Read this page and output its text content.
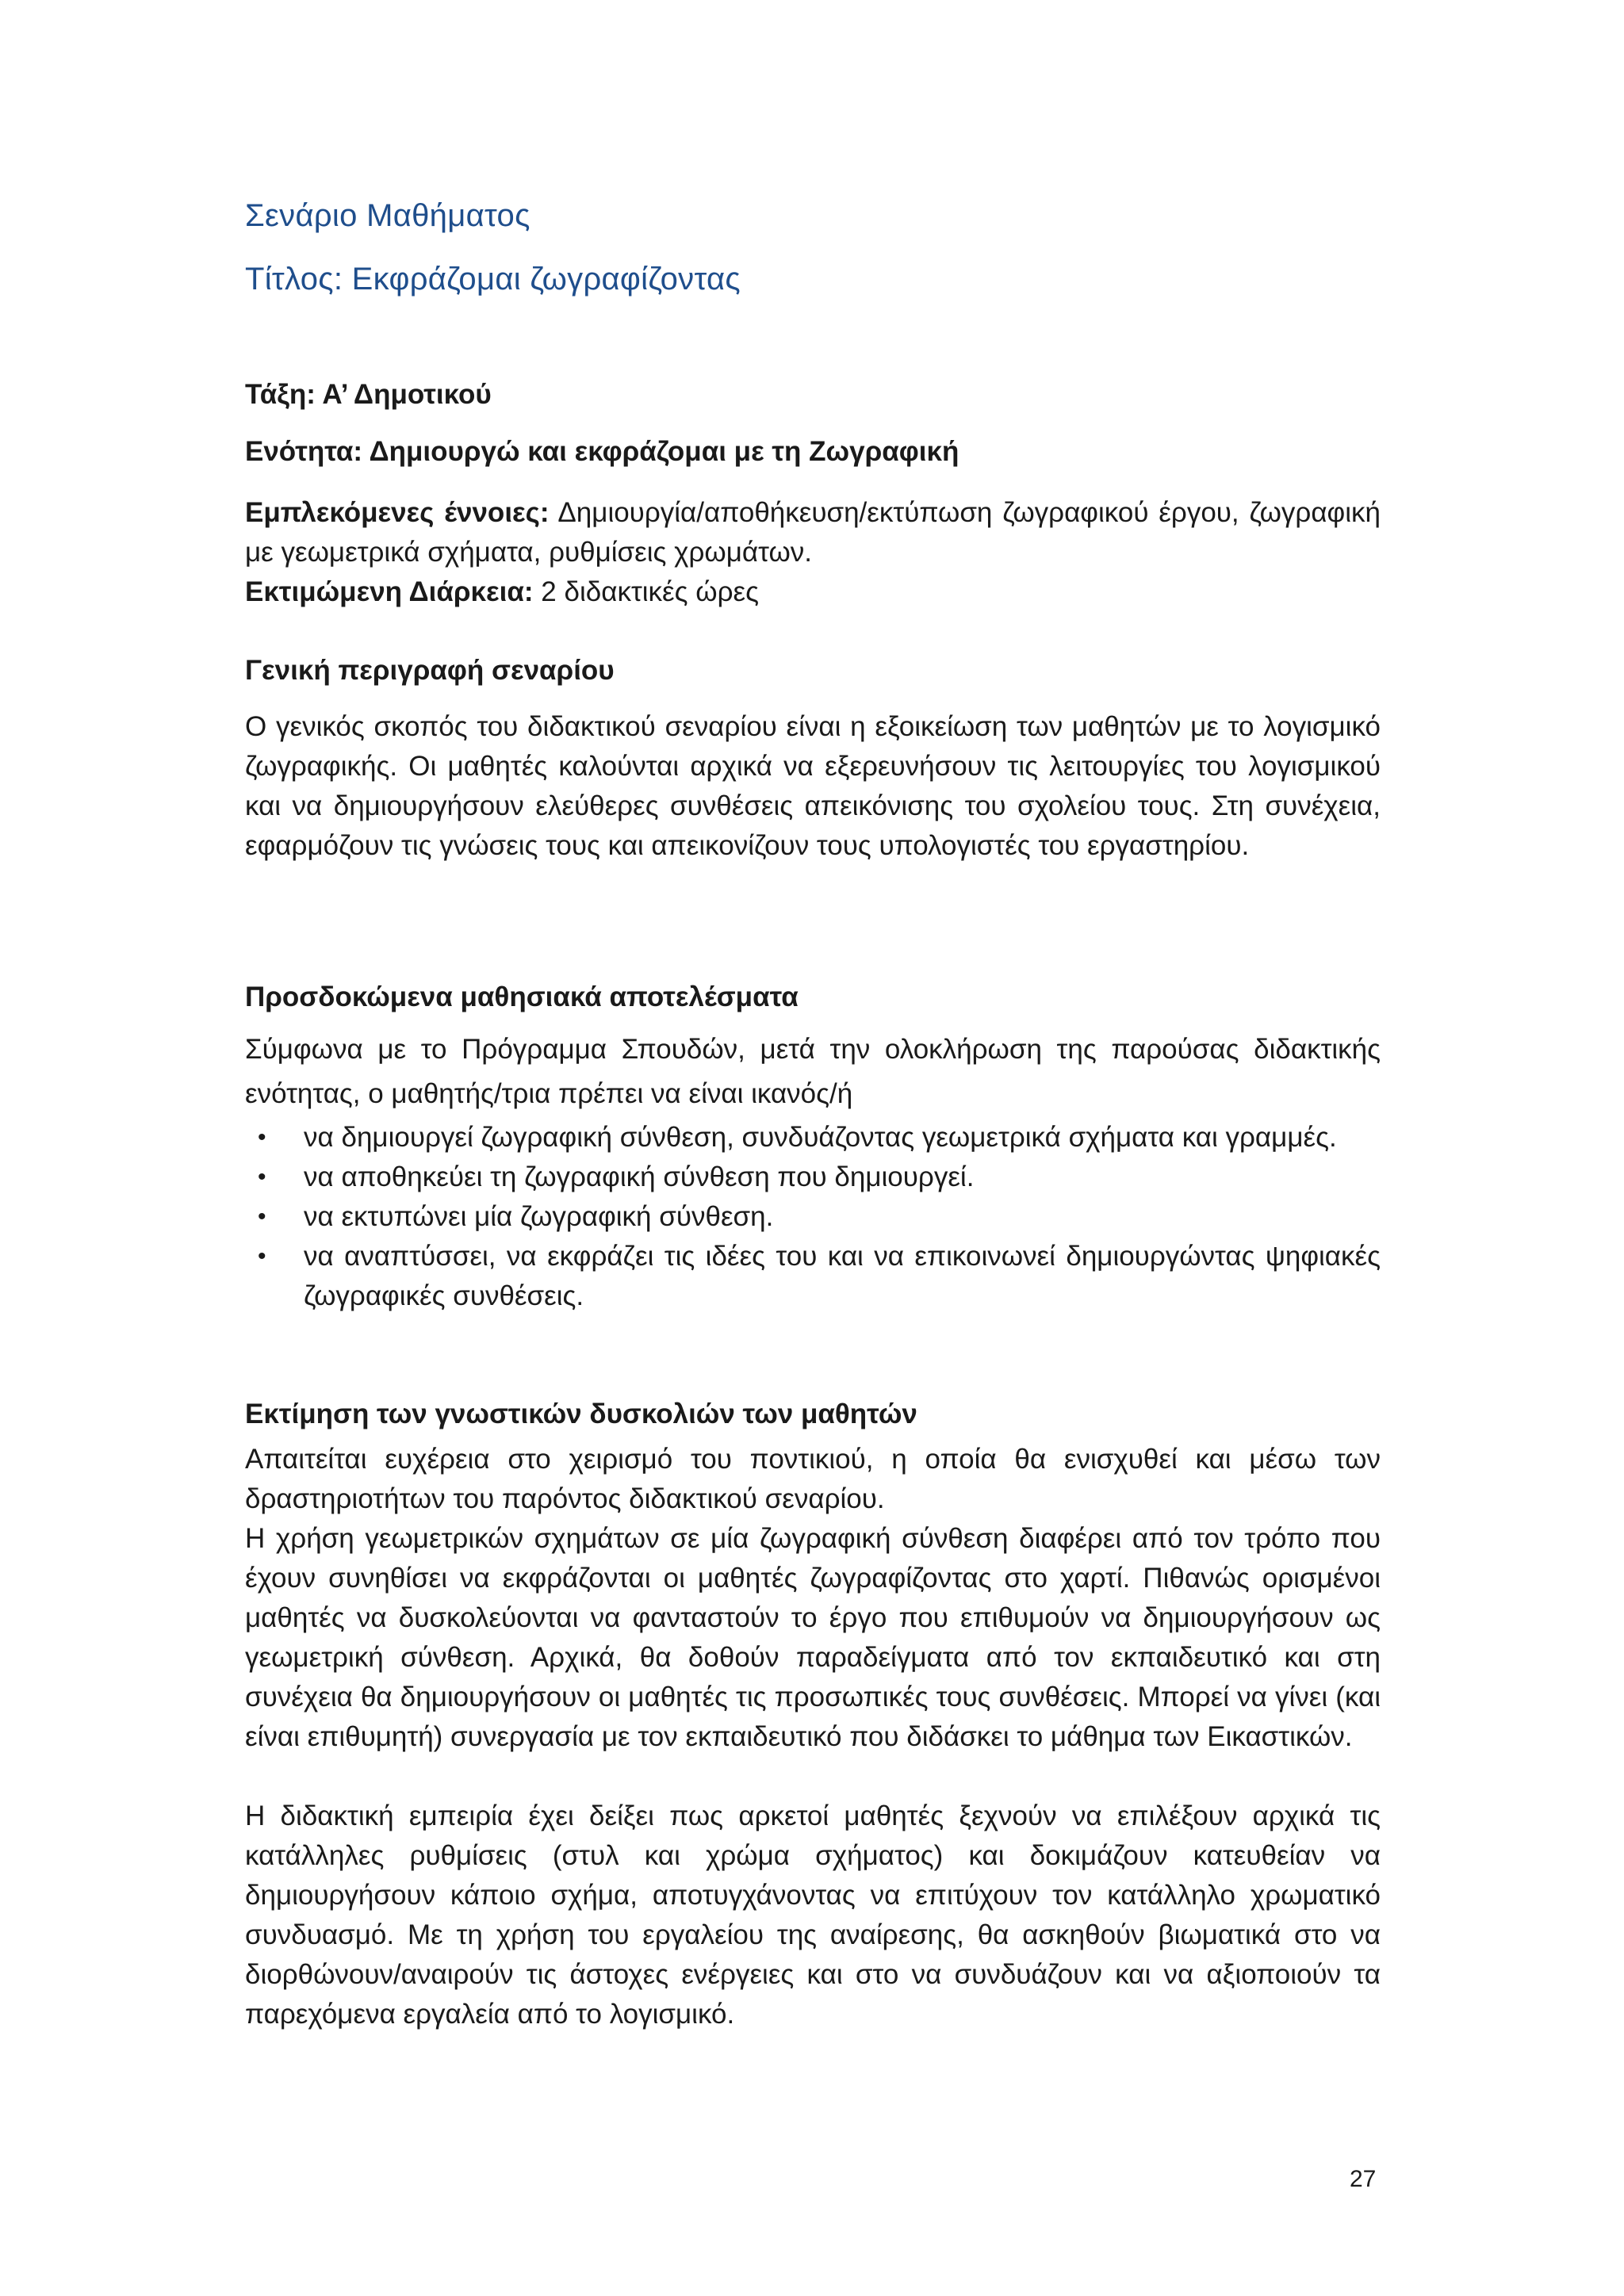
Σενάριο Μαθήματος
Τίτλος: Εκφράζομαι ζωγραφίζοντας

Τάξη: Α’ Δημοτικού

Ενότητα: Δημιουργώ και εκφράζομαι με τη Ζωγραφική

Εμπλεκόμενες έννοιες: Δημιουργία/αποθήκευση/εκτύπωση ζωγραφικού έργου, ζωγραφική με γεωμετρικά σχήματα, ρυθμίσεις χρωμάτων.

Εκτιμώμενη Διάρκεια: 2 διδακτικές ώρες

Γενική περιγραφή σεναρίου

Ο γενικός σκοπός του διδακτικού σεναρίου είναι η εξοικείωση των μαθητών με το λογισμικό ζωγραφικής. Οι μαθητές καλούνται αρχικά να εξερευνήσουν τις λειτουργίες του λογισμικού και να δημιουργήσουν ελεύθερες συνθέσεις απεικόνισης του σχολείου τους. Στη συνέχεια, εφαρμόζουν τις γνώσεις τους και απεικονίζουν τους υπολογιστές του εργαστηρίου.

Προσδοκώμενα μαθησιακά αποτελέσματα

Σύμφωνα με το Πρόγραμμα Σπουδών, μετά την ολοκλήρωση της παρούσας διδακτικής ενότητας, ο μαθητής/τρια πρέπει να είναι ικανός/ή

• να δημιουργεί ζωγραφική σύνθεση, συνδυάζοντας γεωμετρικά σχήματα και γραμμές.
• να αποθηκεύει τη ζωγραφική σύνθεση που δημιουργεί.
• να εκτυπώνει μία ζωγραφική σύνθεση.
• να αναπτύσσει, να εκφράζει τις ιδέες του και να επικοινωνεί δημιουργώντας ψηφιακές ζωγραφικές συνθέσεις.

Εκτίμηση των γνωστικών δυσκολιών των μαθητών

Απαιτείται ευχέρεια στο χειρισμό του ποντικιού, η οποία θα ενισχυθεί και μέσω των δραστηριοτήτων του παρόντος διδακτικού σεναρίου.

Η χρήση γεωμετρικών σχημάτων σε μία ζωγραφική σύνθεση διαφέρει από τον τρόπο που έχουν συνηθίσει να εκφράζονται οι μαθητές ζωγραφίζοντας στο χαρτί. Πιθανώς ορισμένοι μαθητές να δυσκολεύονται να φανταστούν το έργο που επιθυμούν να δημιουργήσουν ως γεωμετρική σύνθεση. Αρχικά, θα δοθούν παραδείγματα από τον εκπαιδευτικό και στη συνέχεια θα δημιουργήσουν οι μαθητές τις προσωπικές τους συνθέσεις. Μπορεί να γίνει (και είναι επιθυμητή) συνεργασία με τον εκπαιδευτικό που διδάσκει το μάθημα των Εικαστικών.

Η διδακτική εμπειρία έχει δείξει πως αρκετοί μαθητές ξεχνούν να επιλέξουν αρχικά τις κατάλληλες ρυθμίσεις (στυλ και χρώμα σχήματος) και δοκιμάζουν κατευθείαν να δημιουργήσουν κάποιο σχήμα, αποτυγχάνοντας να επιτύχουν τον κατάλληλο χρωματικό συνδυασμό. Με τη χρήση του εργαλείου της αναίρεσης, θα ασκηθούν βιωματικά στο να διορθώνουν/αναιρούν τις άστοχες ενέργειες και στο να συνδυάζουν και να αξιοποιούν τα παρεχόμενα εργαλεία από το λογισμικό.

27
